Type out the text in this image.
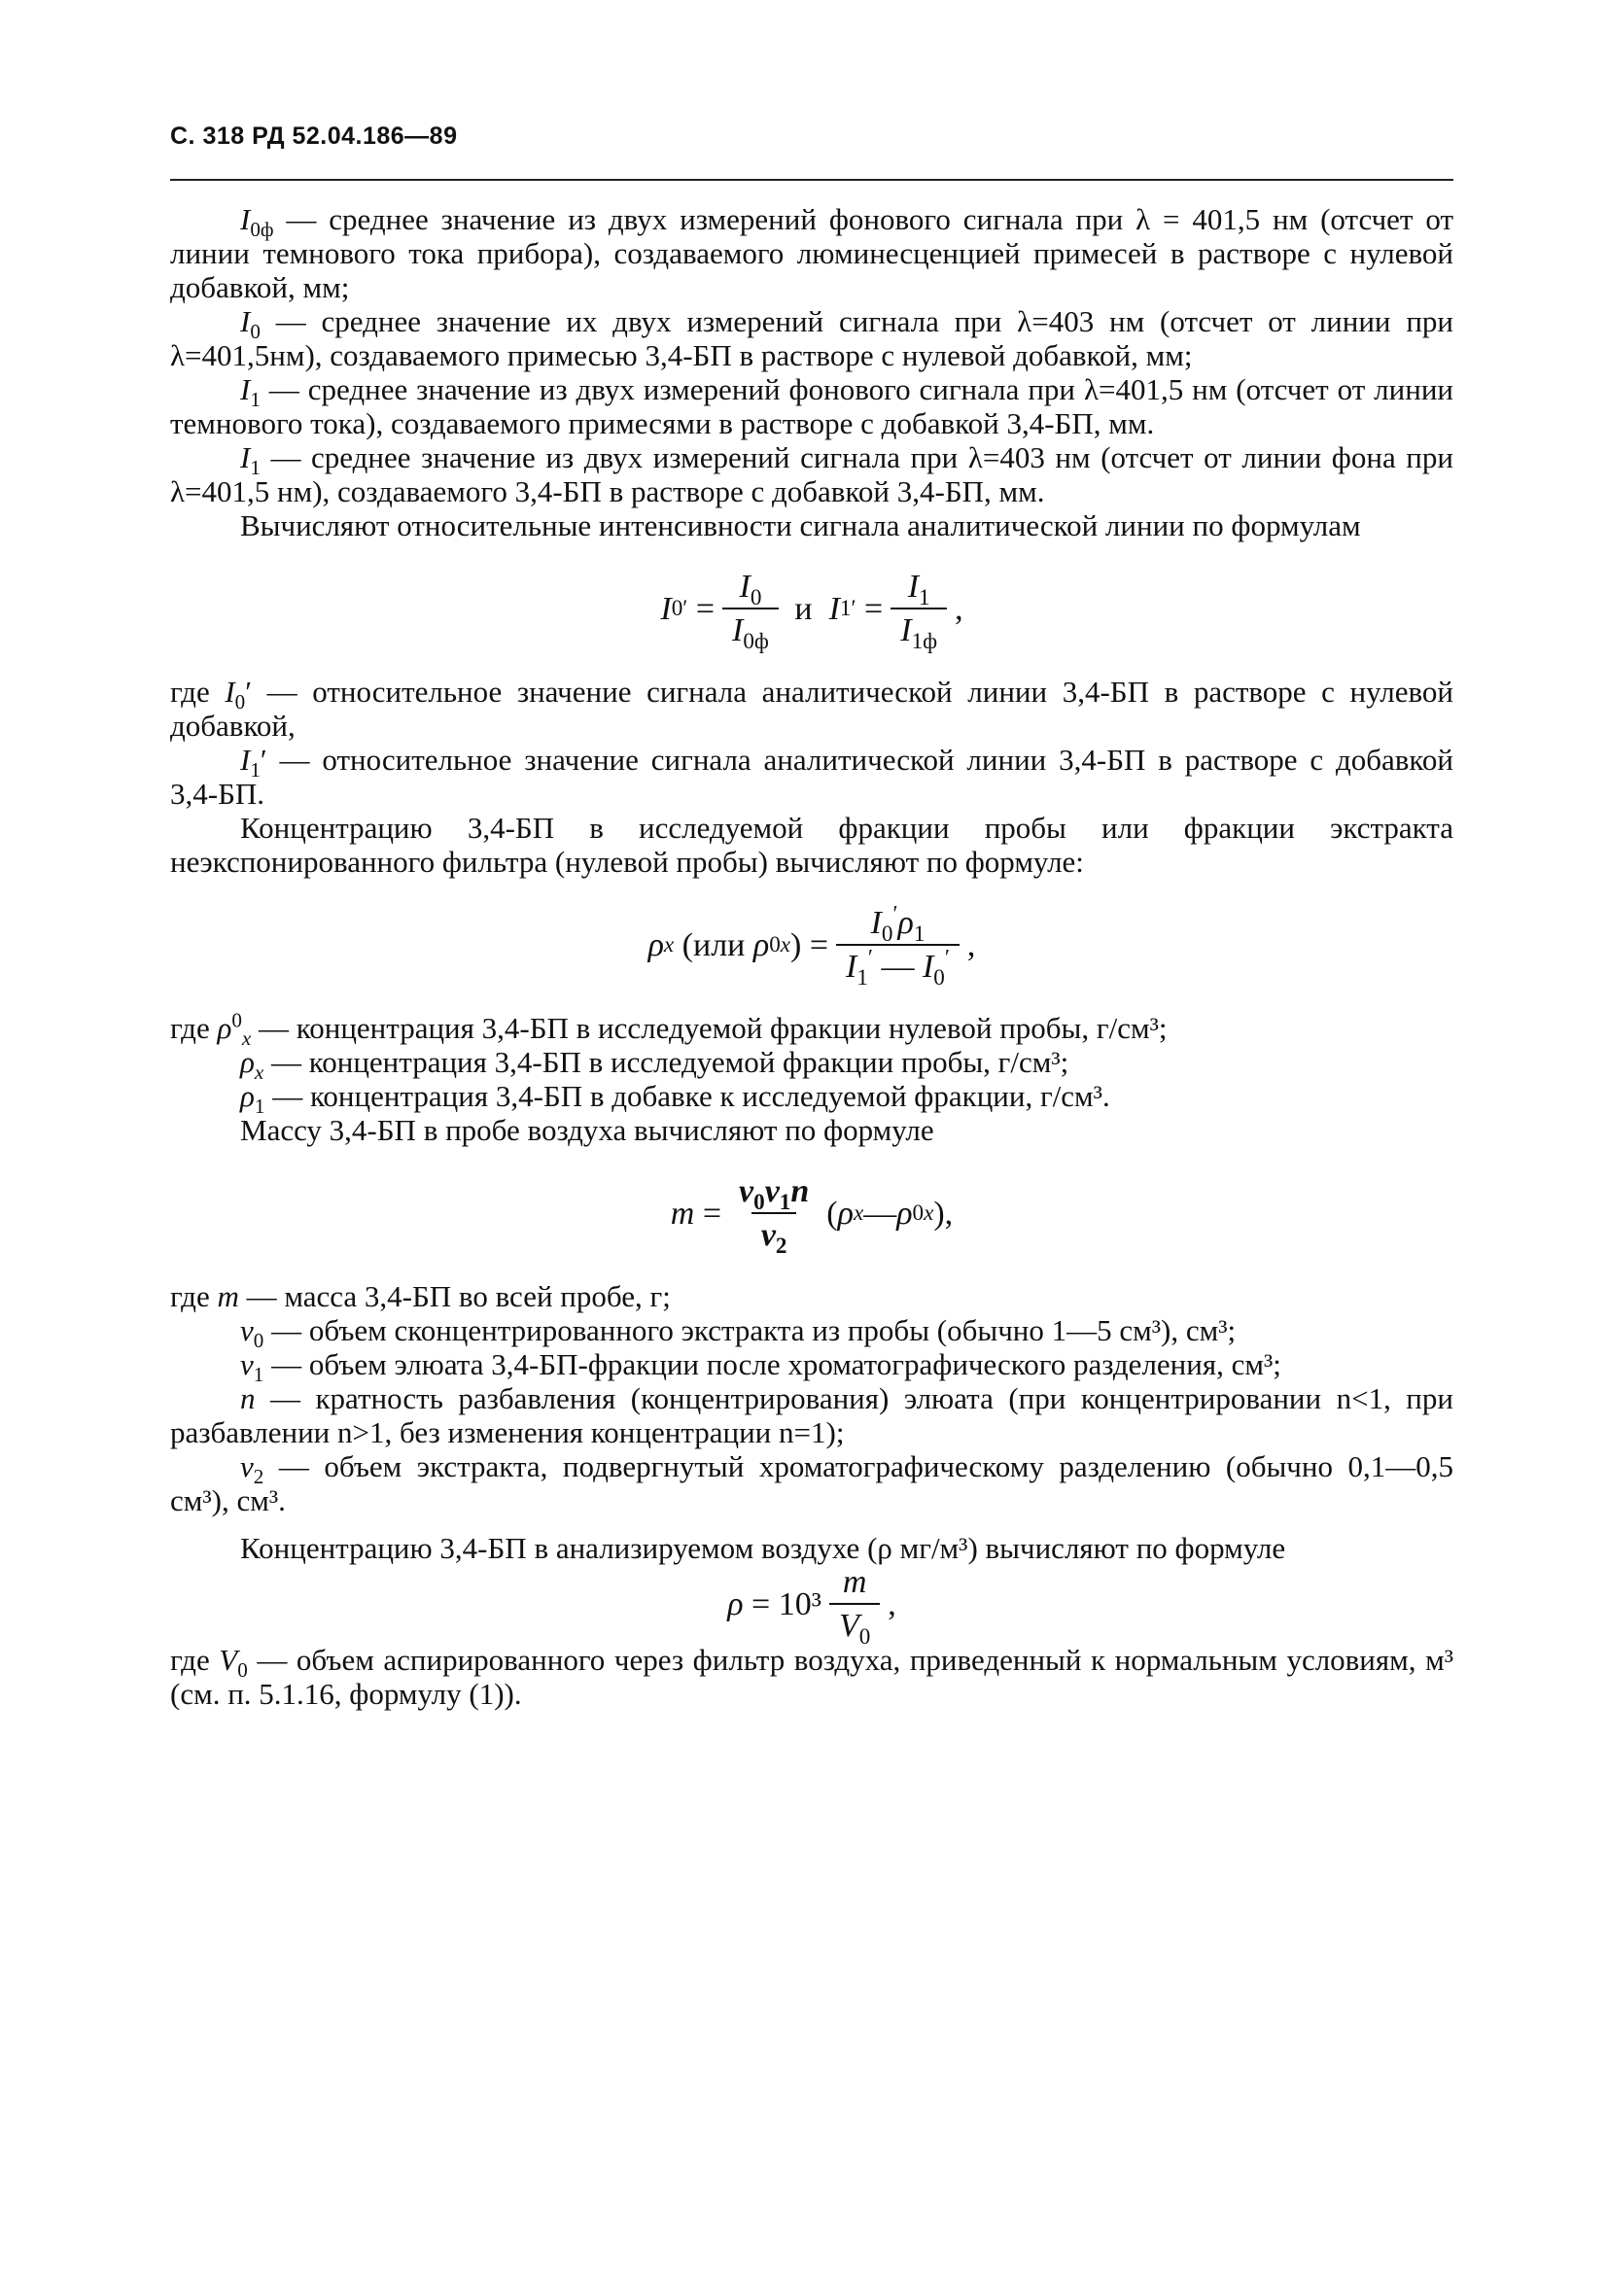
С. 318 РД 52.04.186—89

$I_{0ф}$ — среднее значение из двух измерений фонового сигнала при λ = 401,5 нм (отсчет от линии темнового тока прибора), создаваемого люминесценцией примесей в растворе с нулевой добавкой, мм;

$I_0$ — среднее значение их двух измерений сигнала при λ=403 нм (отсчет от линии при λ=401,5нм), создаваемого примесью 3,4-БП в растворе с нулевой добавкой, мм;

$I_1$ — среднее значение из двух измерений фонового сигнала при λ=401,5 нм (отсчет от линии темнового тока), создаваемого примесями в растворе с добавкой 3,4-БП, мм.

$I_1$ — среднее значение из двух измерений сигнала при λ=403 нм (отсчет от линии фона при λ=401,5 нм), создаваемого 3,4-БП в растворе с добавкой 3,4-БП, мм.

Вычисляют относительные интенсивности сигнала аналитической линии по формулам

I 0 ′ = $\frac{I_0}{I_{0ф}}$
и
I 1 ′ = $\frac{I_1}{I_{1ф}}$ ,

где $I_0'$ — относительное значение сигнала аналитической линии 3,4-БП в растворе с нулевой добавкой,

$I_1'$ — относительное значение сигнала аналитической линии 3,4-БП в растворе с добавкой 3,4-БП.

Концентрацию 3,4-БП в исследуемой фракции пробы или фракции экстракта неэкспонированного фильтра (нулевой пробы) вычисляют по формуле:

ρ x ( или
ρ 0 x ) = $\frac{I_0'\rho_1}{I_1' — I_0'}$ ,

где $\rho^0_x$ — концентрация 3,4-БП в исследуемой фракции нулевой пробы, г/см³;

$\rho_x$ — концентрация 3,4-БП в исследуемой фракции пробы, г/см³;

$\rho_1$ — концентрация 3,4-БП в добавке к исследуемой фракции, г/см³.

Массу 3,4-БП в пробе воздуха вычисляют по формуле

$m = \frac{v_0v_1n}{v_2}$ ( ρ x — ρ 0 x ),

где m — масса 3,4-БП во всей пробе, г;

$v_0$ — объем сконцентрированного экстракта из пробы (обычно 1—5 см³), см³;

$v_1$ — объем элюата 3,4-БП-фракции после хроматографического разделения, см³;

n — кратность разбавления (концентрирования) элюата (при концентрировании n<1, при разбавлении n>1, без изменения концентрации n=1);

$v_2$ — объем экстракта, подвергнутый хроматографическому разделению (обычно 0,1—0,5 см³), см³.

Концентрацию 3,4-БП в анализируемом воздухе (ρ мг/м³) вычисляют по формуле

$\rho = 10^3 \frac{m}{V_0}$ ,

где $V_0$ — объем аспирированного через фильтр воздуха, приведенный к нормальным условиям, м³ (см. п. 5.1.16, формулу (1)).
